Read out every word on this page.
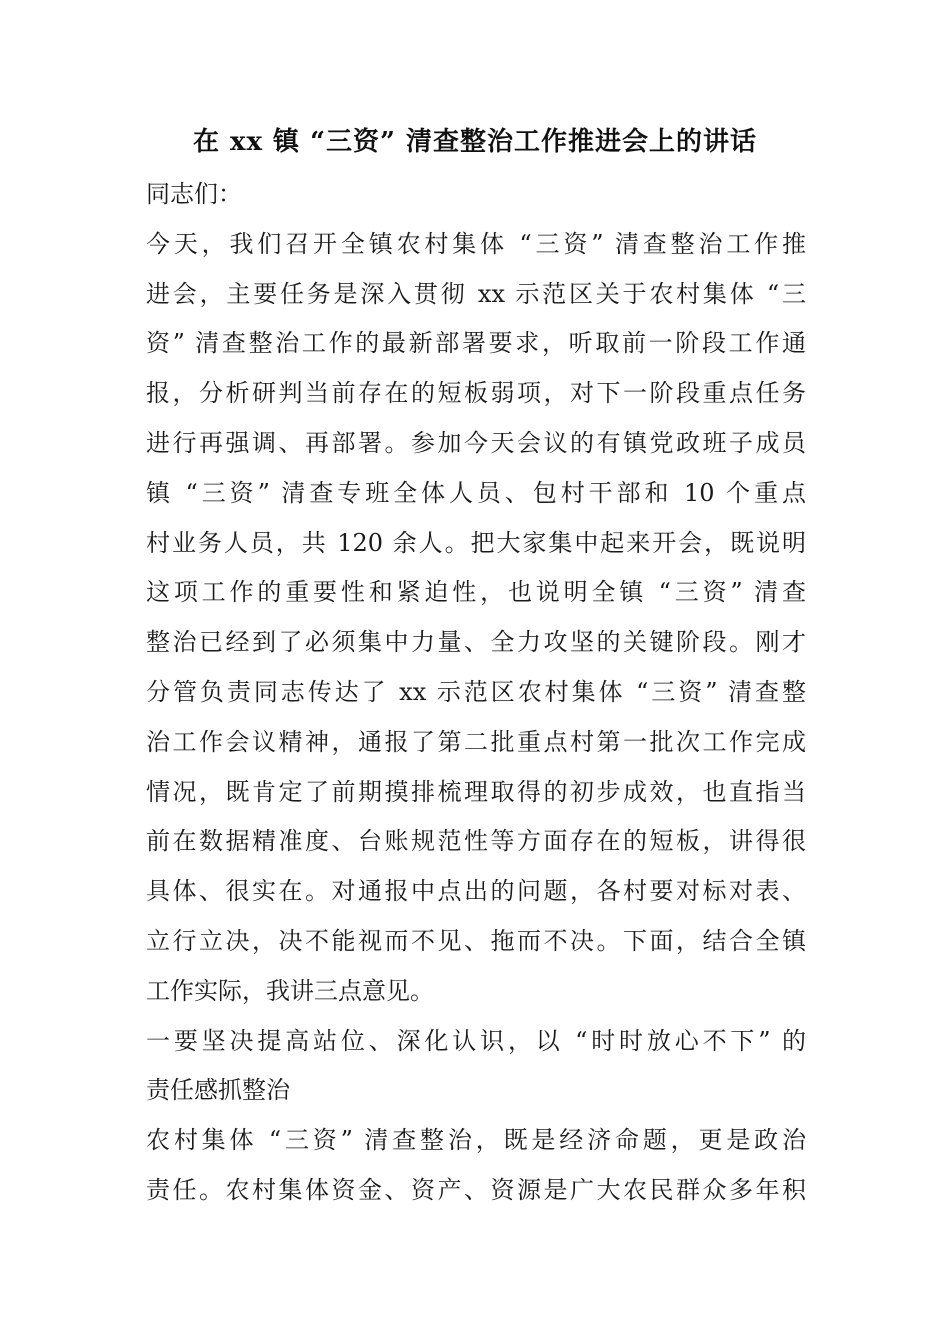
在 xx 镇 “三资” 清查整治工作推进会上的讲话
同志们：
今天，我们召开全镇农村集体 “三资” 清查整治工作推
进会，主要任务是深入贯彻 xx 示范区关于农村集体 “三
资” 清查整治工作的最新部署要求，听取前一阶段工作通
报，分析研判当前存在的短板弱项，对下一阶段重点任务
进行再强调、再部署。参加今天会议的有镇党政班子成员
镇 “三资” 清查专班全体人员、包村干部和 10 个重点
村业务人员，共 120 余人。把大家集中起来开会，既说明
这项工作的重要性和紧迫性，也说明全镇 “三资” 清查
整治已经到了必须集中力量、全力攻坚的关键阶段。刚才
分管负责同志传达了 xx 示范区农村集体 “三资” 清查整
治工作会议精神，通报了第二批重点村第一批次工作完成
情况，既肯定了前期摸排梳理取得的初步成效，也直指当
前在数据精准度、台账规范性等方面存在的短板，讲得很
具体、很实在。对通报中点出的问题，各村要对标对表、
立行立决，决不能视而不见、拖而不决。下面，结合全镇
工作实际，我讲三点意见。
一要坚决提高站位、深化认识，以 “时时放心不下” 的
责任感抓整治
农村集体 “三资” 清查整治，既是经济命题，更是政治
责任。农村集体资金、资产、资源是广大农民群众多年积
